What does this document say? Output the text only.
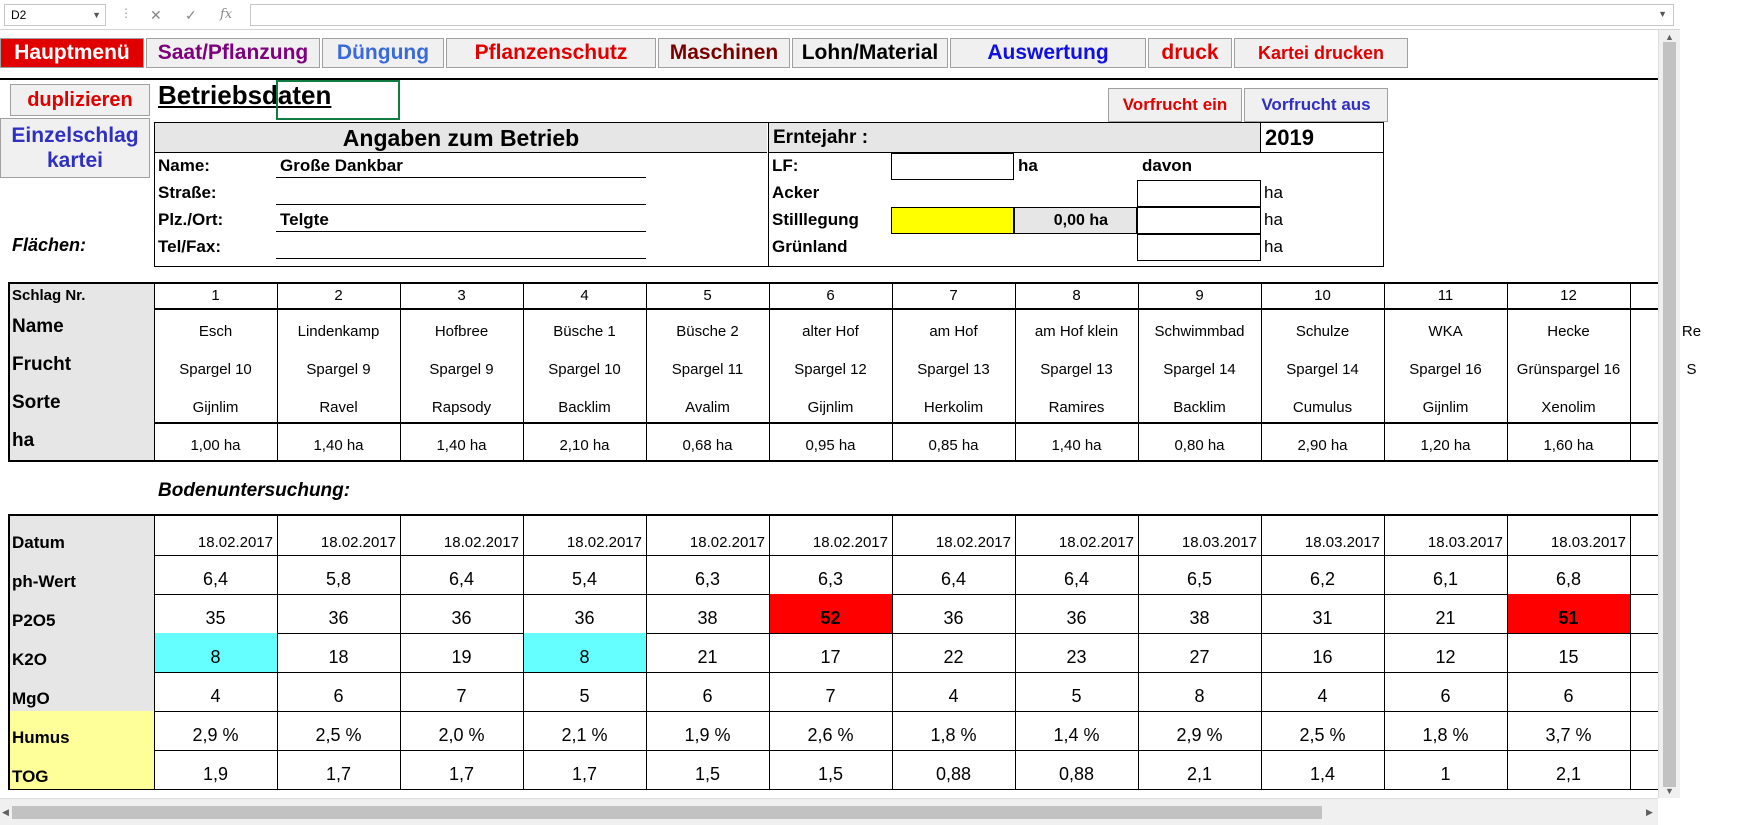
D2	▼ ⋮ ✕ ✓ fx	▼
Hauptmenü	Saat/Pflanzung	Düngung	Pflanzenschutz	Maschinen	Lohn/Material	Auswertung	druck	Kartei drucken
duplizieren Betriebsdaten	Vorfrucht ein	Vorfrucht aus
Einzelschlag
kartei
Angaben zum Betrieb	Erntejahr :	2019
Name:	Große Dankbar
Straße:
Plz./Ort:	Telgte
Tel/Fax:
LF:	ha	davon
Acker	ha
Stilllegung	0,00 ha	ha
Grünland	ha
Flächen:
Schlag Nr.	1	2	3	4	5	6	7	8	9	10	11	12
Name	Esch	Lindenkamp	Hofbree	Büsche 1	Büsche 2	alter Hof	am Hof	am Hof klein	Schwimmbad	Schulze	WKA	Hecke	Re
Frucht	Spargel 10	Spargel 9	Spargel 9	Spargel 10	Spargel 11	Spargel 12	Spargel 13	Spargel 13	Spargel 14	Spargel 14	Spargel 16	Grünspargel 16	S
Sorte	Gijnlim	Ravel	Rapsody	Backlim	Avalim	Gijnlim	Herkolim	Ramires	Backlim	Cumulus	Gijnlim	Xenolim
ha	1,00 ha	1,40 ha	1,40 ha	2,10 ha	0,68 ha	0,95 ha	0,85 ha	1,40 ha	0,80 ha	2,90 ha	1,20 ha	1,60 ha
Bodenuntersuchung:
Datum	18.02.2017	18.02.2017	18.02.2017	18.02.2017	18.02.2017	18.02.2017	18.02.2017	18.02.2017	18.03.2017	18.03.2017	18.03.2017	18.03.2017
ph-Wert	6,4	5,8	6,4	5,4	6,3	6,3	6,4	6,4	6,5	6,2	6,1	6,8
P2O5	35	36	36	36	38	52	36	36	38	31	21	51
K2O	8	18	19	8	21	17	22	23	27	16	12	15
MgO	4	6	7	5	6	7	4	5	8	4	6	6
Humus	2,9 %	2,5 %	2,0 %	2,1 %	1,9 %	2,6 %	1,8 %	1,4 %	2,9 %	2,5 %	1,8 %	3,7 %
TOG	1,9	1,7	1,7	1,7	1,5	1,5	0,88	0,88	2,1	1,4	1	2,1
▲
▼
◀	▶
